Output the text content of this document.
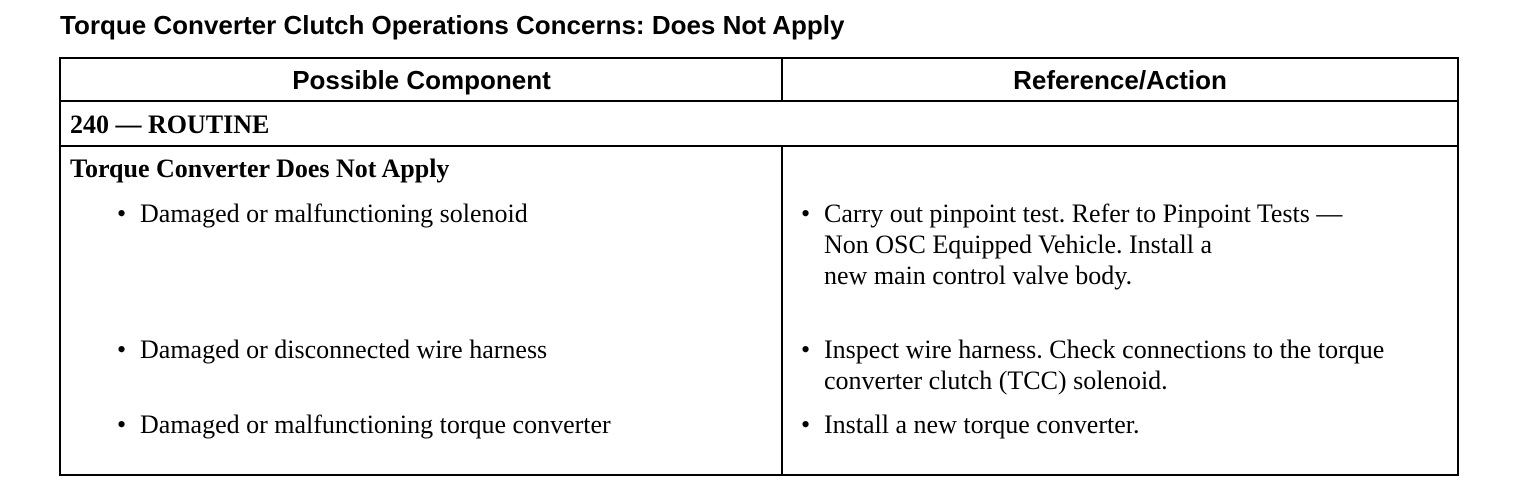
Torque Converter Clutch Operations Concerns: Does Not Apply
Possible Component	Reference/Action
240 — ROUTINE
Torque Converter Does Not Apply
• Damaged or malfunctioning solenoid	• Carry out pinpoint test. Refer to Pinpoint Tests —
Non OSC Equipped Vehicle. Install a
new main control valve body.
• Damaged or disconnected wire harness	• Inspect wire harness. Check connections to the torque
converter clutch (TCC) solenoid.
• Damaged or malfunctioning torque converter	• Install a new torque converter.
